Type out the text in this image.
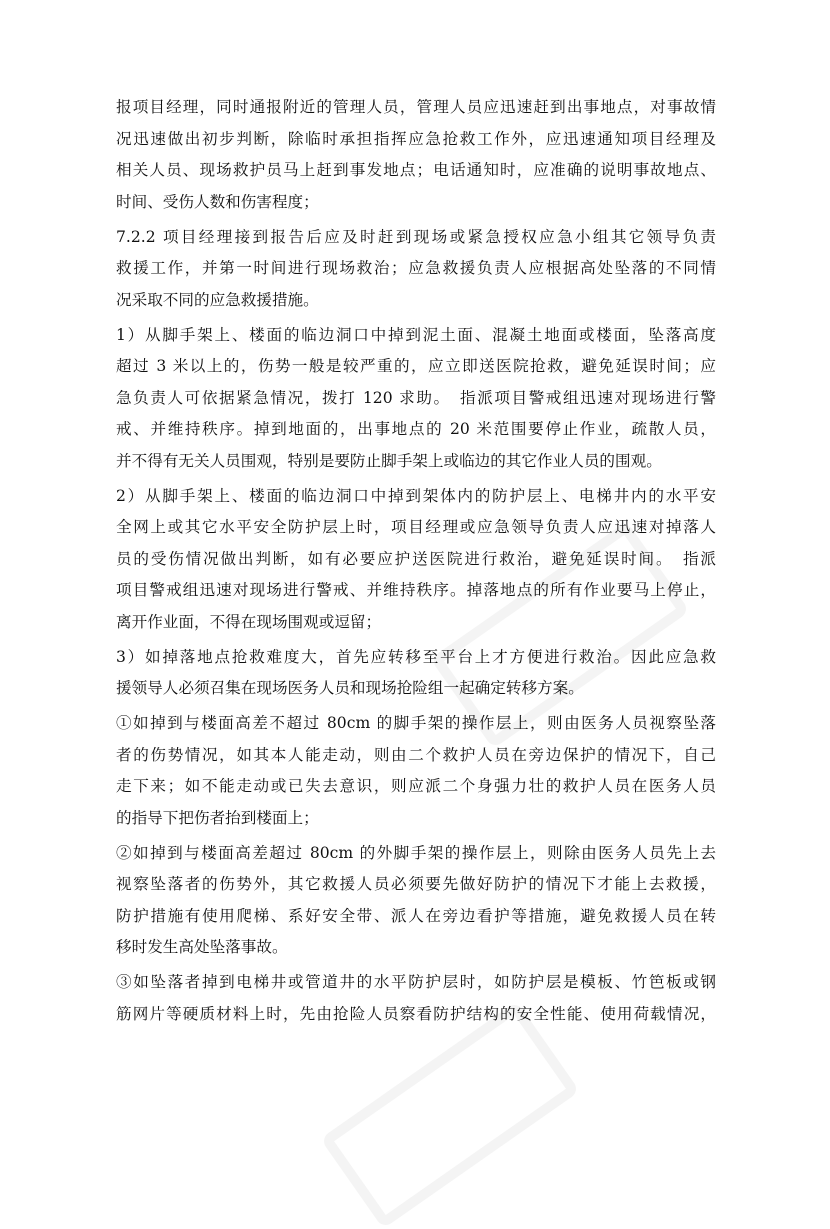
报项目经理，同时通报附近的管理人员，管理人员应迅速赶到出事地点，对事故情
况迅速做出初步判断，除临时承担指挥应急抢救工作外，应迅速通知项目经理及
相关人员、现场救护员马上赶到事发地点；电话通知时，应准确的说明事故地点、
时间、受伤人数和伤害程度；
7.2.2 项目经理接到报告后应及时赶到现场或紧急授权应急小组其它领导负责
救援工作，并第一时间进行现场救治；应急救援负责人应根据高处坠落的不同情
况采取不同的应急救援措施。
1）从脚手架上、楼面的临边洞口中掉到泥土面、混凝土地面或楼面，坠落高度
超过 3 米以上的，伤势一般是较严重的，应立即送医院抢救，避免延误时间；应
急负责人可依据紧急情况，拨打 120 求助。　指派项目警戒组迅速对现场进行警
戒、并维持秩序。掉到地面的，出事地点的 20 米范围要停止作业，疏散人员，
并不得有无关人员围观，特别是要防止脚手架上或临边的其它作业人员的围观。
2）从脚手架上、楼面的临边洞口中掉到架体内的防护层上、电梯井内的水平安
全网上或其它水平安全防护层上时，项目经理或应急领导负责人应迅速对掉落人
员的受伤情况做出判断，如有必要应护送医院进行救治，避免延误时间。　指派
项目警戒组迅速对现场进行警戒、并维持秩序。掉落地点的所有作业要马上停止，
离开作业面，不得在现场围观或逗留；
3）如掉落地点抢救难度大，首先应转移至平台上才方便进行救治。因此应急救
援领导人必须召集在现场医务人员和现场抢险组一起确定转移方案。
①如掉到与楼面高差不超过 80cm 的脚手架的操作层上，则由医务人员视察坠落
者的伤势情况，如其本人能走动，则由二个救护人员在旁边保护的情况下，自己
走下来；如不能走动或已失去意识，则应派二个身强力壮的救护人员在医务人员
的指导下把伤者抬到楼面上；
②如掉到与楼面高差超过 80cm 的外脚手架的操作层上，则除由医务人员先上去
视察坠落者的伤势外，其它救援人员必须要先做好防护的情况下才能上去救援，
防护措施有使用爬梯、系好安全带、派人在旁边看护等措施，避免救援人员在转
移时发生高处坠落事故。
③如坠落者掉到电梯井或管道井的水平防护层时，如防护层是模板、竹笆板或钢
筋网片等硬质材料上时，先由抢险人员察看防护结构的安全性能、使用荷载情况，
